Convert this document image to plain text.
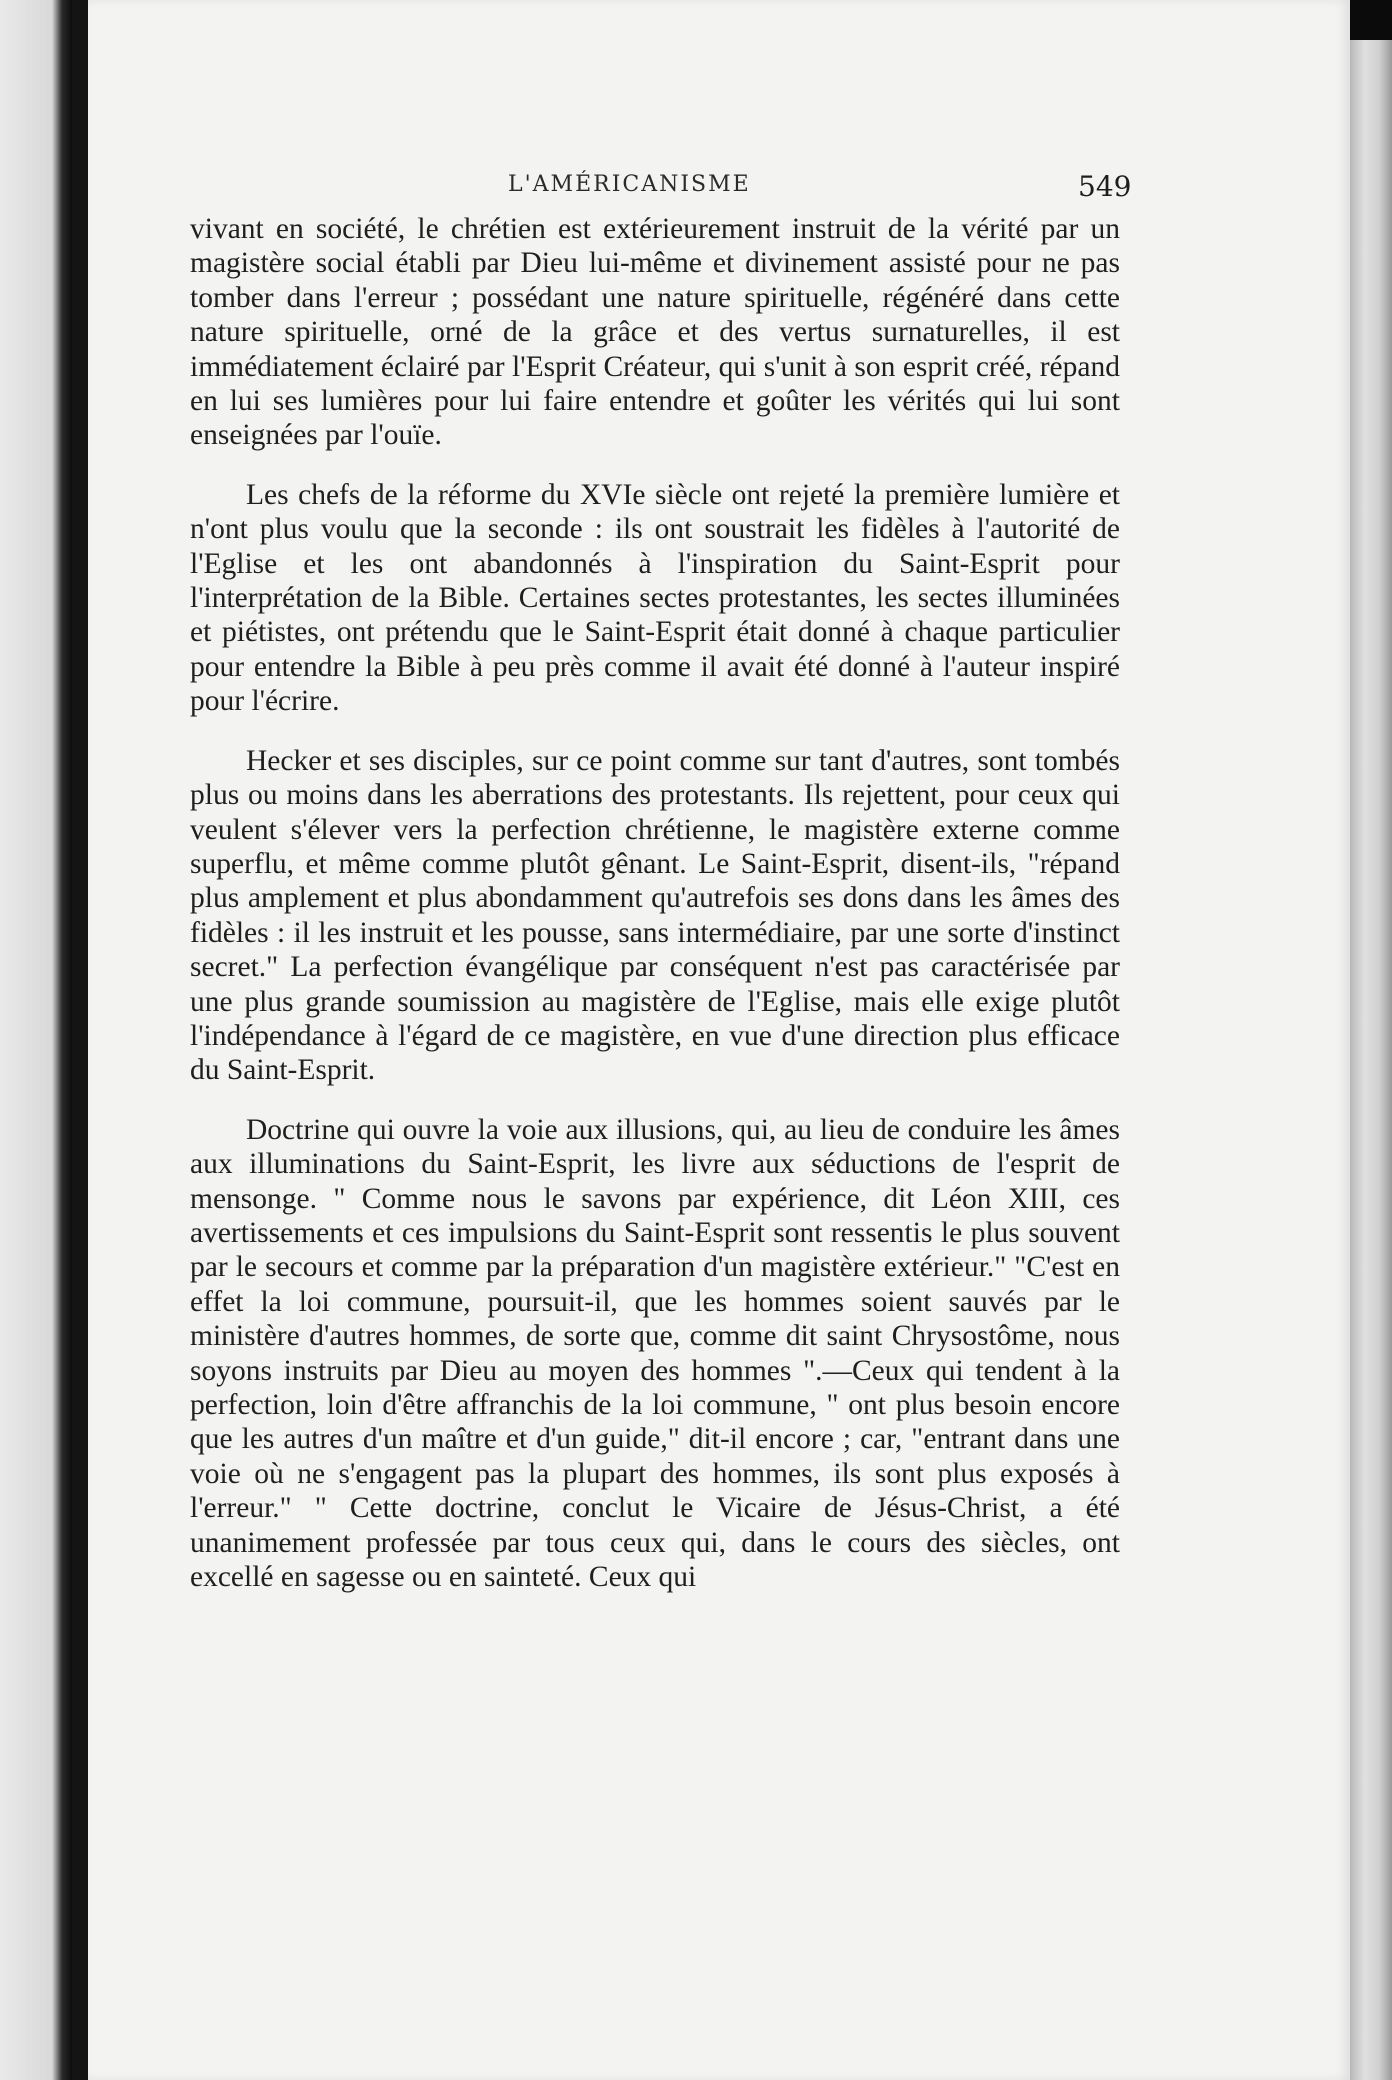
L'AMÉRICANISME	549

vivant en société, le chrétien est extérieurement instruit de la vérité par un magistère social établi par Dieu lui-même et divinement assisté pour ne pas tomber dans l'erreur ; possédant une nature spirituelle, régénéré dans cette nature spirituelle, orné de la grâce et des vertus surnaturelles, il est immédiatement éclairé par l'Esprit Créateur, qui s'unit à son esprit créé, répand en lui ses lumières pour lui faire entendre et goûter les vérités qui lui sont enseignées par l'ouïe.

Les chefs de la réforme du XVIe siècle ont rejeté la première lumière et n'ont plus voulu que la seconde : ils ont soustrait les fidèles à l'autorité de l'Eglise et les ont abandonnés à l'inspiration du Saint-Esprit pour l'interprétation de la Bible. Certaines sectes protestantes, les sectes illuminées et piétistes, ont prétendu que le Saint-Esprit était donné à chaque particulier pour entendre la Bible à peu près comme il avait été donné à l'auteur inspiré pour l'écrire.

Hecker et ses disciples, sur ce point comme sur tant d'autres, sont tombés plus ou moins dans les aberrations des protestants. Ils rejettent, pour ceux qui veulent s'élever vers la perfection chrétienne, le magistère externe comme superflu, et même comme plutôt gênant. Le Saint-Esprit, disent-ils, "répand plus amplement et plus abondamment qu'autrefois ses dons dans les âmes des fidèles : il les instruit et les pousse, sans intermédiaire, par une sorte d'instinct secret." La perfection évangélique par conséquent n'est pas caractérisée par une plus grande soumission au magistère de l'Eglise, mais elle exige plutôt l'indépendance à l'égard de ce magistère, en vue d'une direction plus efficace du Saint-Esprit.

Doctrine qui ouvre la voie aux illusions, qui, au lieu de conduire les âmes aux illuminations du Saint-Esprit, les livre aux séductions de l'esprit de mensonge. " Comme nous le savons par expérience, dit Léon XIII, ces avertissements et ces impulsions du Saint-Esprit sont ressentis le plus souvent par le secours et comme par la préparation d'un magistère extérieur." "C'est en effet la loi commune, poursuit-il, que les hommes soient sauvés par le ministère d'autres hommes, de sorte que, comme dit saint Chrysostôme, nous soyons instruits par Dieu au moyen des hommes ".—Ceux qui tendent à la perfection, loin d'être affranchis de la loi commune, " ont plus besoin encore que les autres d'un maître et d'un guide," dit-il encore ; car, "entrant dans une voie où ne s'engagent pas la plupart des hommes, ils sont plus exposés à l'erreur." " Cette doctrine, conclut le Vicaire de Jésus-Christ, a été unanimement professée par tous ceux qui, dans le cours des siècles, ont excellé en sagesse ou en sainteté. Ceux qui
